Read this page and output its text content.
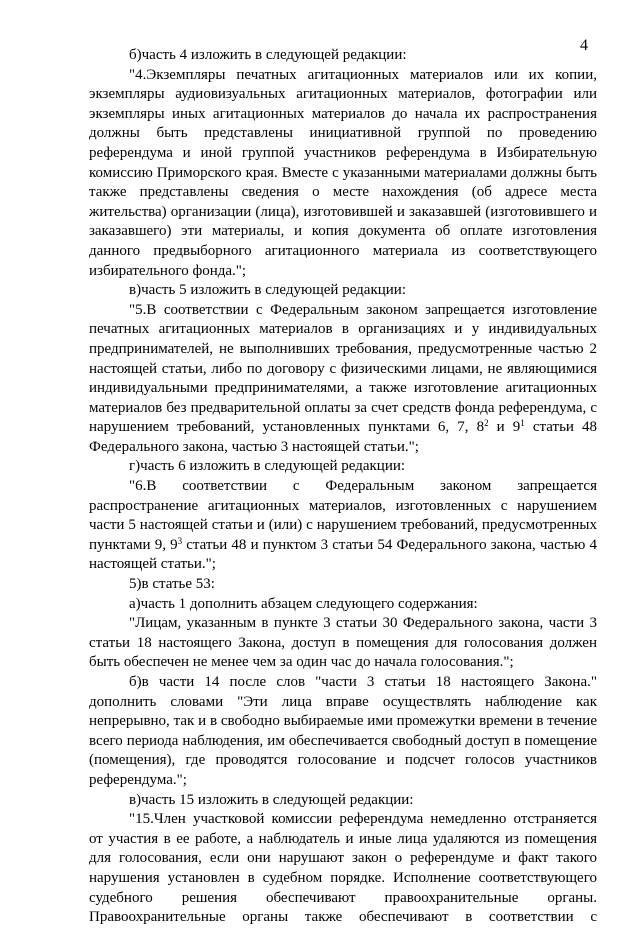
4

б)часть 4 изложить в следующей редакции:

"4.Экземпляры печатных агитационных материалов или их копии, экземпляры аудиовизуальных агитационных материалов, фотографии или экземпляры иных агитационных материалов до начала их распространения должны быть представлены инициативной группой по проведению референдума и иной группой участников референдума в Избирательную комиссию Приморского края. Вместе с указанными материалами должны быть также представлены сведения о месте нахождения (об адресе места жительства) организации (лица), изготовившей и заказавшей (изготовившего и заказавшего) эти материалы, и копия документа об оплате изготовления данного предвыборного агитационного материала из соответствующего избирательного фонда.";

в)часть 5 изложить в следующей редакции:

"5.В соответствии с Федеральным законом запрещается изготовление печатных агитационных материалов в организациях и у индивидуальных предпринимателей, не выполнивших требования, предусмотренные частью 2 настоящей статьи, либо по договору с физическими лицами, не являющимися индивидуальными предпринимателями, а также изготовление агитационных материалов без предварительной оплаты за счет средств фонда референдума, с нарушением требований, установленных пунктами 6, 7, $8^2$ и $9^1$ статьи 48 Федерального закона, частью 3 настоящей статьи.";

г)часть 6 изложить в следующей редакции:

"6.В соответствии с Федеральным законом запрещается распространение агитационных материалов, изготовленных с нарушением части 5 настоящей статьи и (или) с нарушением требований, предусмотренных пунктами 9, $9^3$ статьи 48 и пунктом 3 статьи 54 Федерального закона, частью 4 настоящей статьи.";

5)в статье 53:

а)часть 1 дополнить абзацем следующего содержания:

"Лицам, указанным в пункте 3 статьи 30 Федерального закона, части 3 статьи 18 настоящего Закона, доступ в помещения для голосования должен быть обеспечен не менее чем за один час до начала голосования.";

б)в части 14 после слов "части 3 статьи 18 настоящего Закона." дополнить словами "Эти лица вправе осуществлять наблюдение как непрерывно, так и в свободно выбираемые ими промежутки времени в течение всего периода наблюдения, им обеспечивается свободный доступ в помещение (помещения), где проводятся голосование и подсчет голосов участников референдума.";

в)часть 15 изложить в следующей редакции:

"15.Член участковой комиссии референдума немедленно отстраняется от участия в ее работе, а наблюдатель и иные лица удаляются из помещения для голосования, если они нарушают закон о референдуме и факт такого нарушения установлен в судебном порядке. Исполнение соответствующего судебного решения обеспечивают правоохранительные органы. Правоохранительные органы также обеспечивают в соответствии с
